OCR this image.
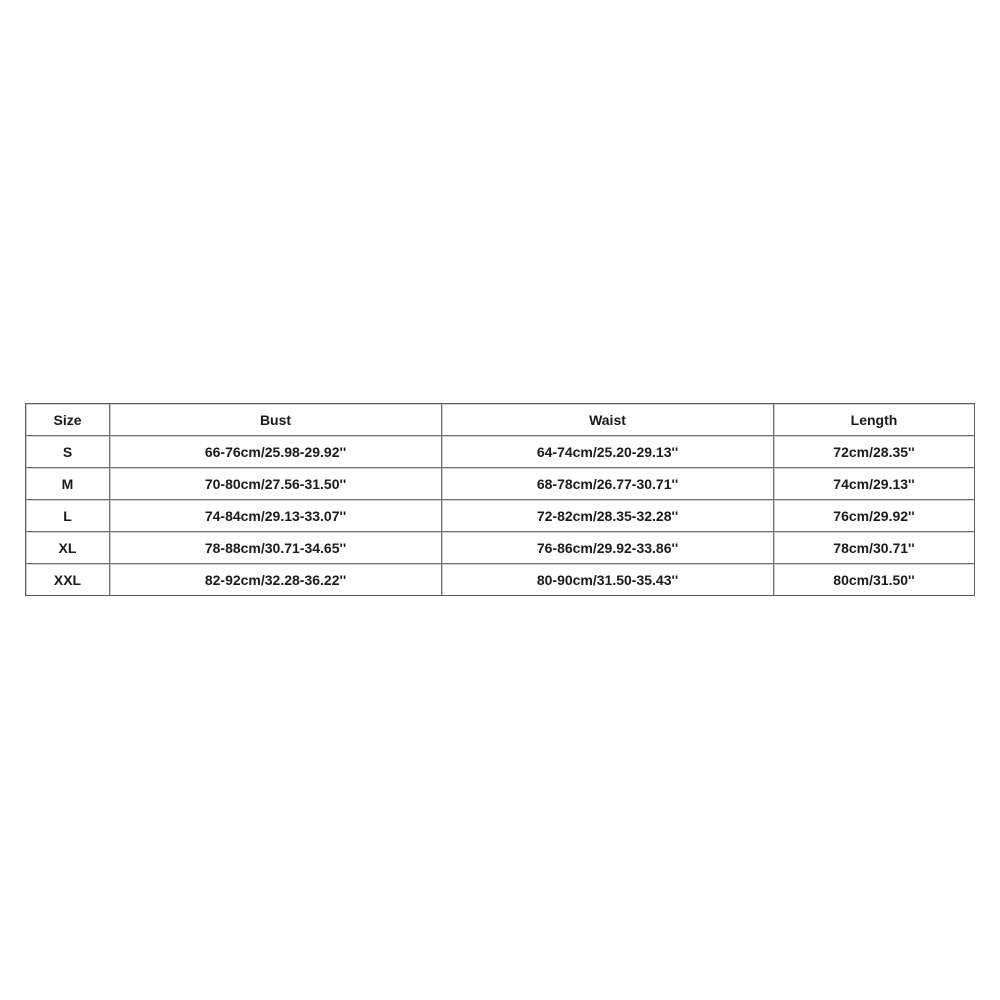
Size	Bust	Waist	Length
S	66-76cm/25.98-29.92''	64-74cm/25.20-29.13''	72cm/28.35''
M	70-80cm/27.56-31.50''	68-78cm/26.77-30.71''	74cm/29.13''
L	74-84cm/29.13-33.07''	72-82cm/28.35-32.28''	76cm/29.92''
XL	78-88cm/30.71-34.65''	76-86cm/29.92-33.86''	78cm/30.71''
XXL	82-92cm/32.28-36.22''	80-90cm/31.50-35.43''	80cm/31.50''
